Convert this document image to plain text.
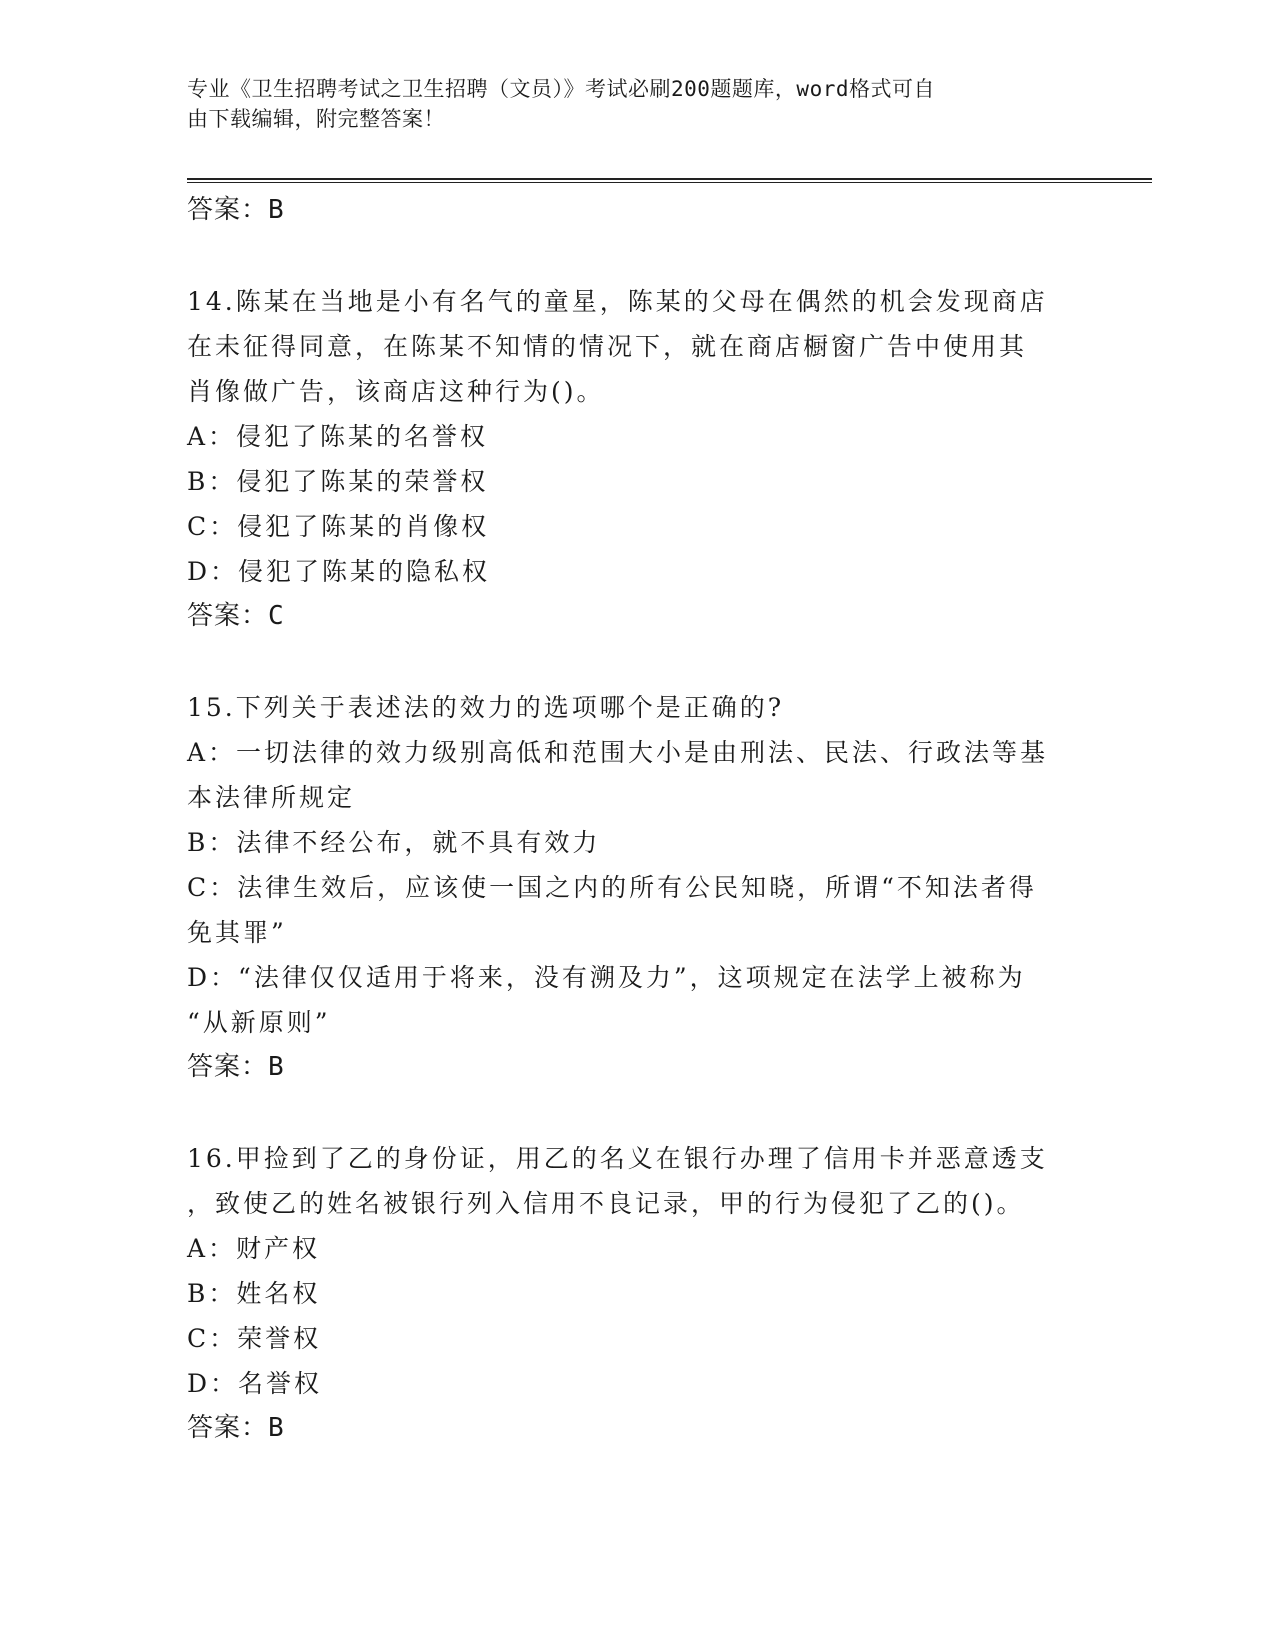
专业《卫生招聘考试之卫生招聘（文员）》考试必刷200题题库，word格式可自
由下载编辑，附完整答案！
答案：B
14.陈某在当地是小有名气的童星，陈某的父母在偶然的机会发现商店
在未征得同意，在陈某不知情的情况下，就在商店橱窗广告中使用其
肖像做广告，该商店这种行为()。
A：侵犯了陈某的名誉权
B：侵犯了陈某的荣誉权
C：侵犯了陈某的肖像权
D：侵犯了陈某的隐私权
答案：C
15.下列关于表述法的效力的选项哪个是正确的?
A：一切法律的效力级别高低和范围大小是由刑法、民法、行政法等基
本法律所规定
B：法律不经公布，就不具有效力
C：法律生效后，应该使一国之内的所有公民知晓，所谓“不知法者得
免其罪”
D：“法律仅仅适用于将来，没有溯及力”，这项规定在法学上被称为
“从新原则”
答案：B
16.甲捡到了乙的身份证，用乙的名义在银行办理了信用卡并恶意透支
，致使乙的姓名被银行列入信用不良记录，甲的行为侵犯了乙的()。
A：财产权
B：姓名权
C：荣誉权
D：名誉权
答案：B
